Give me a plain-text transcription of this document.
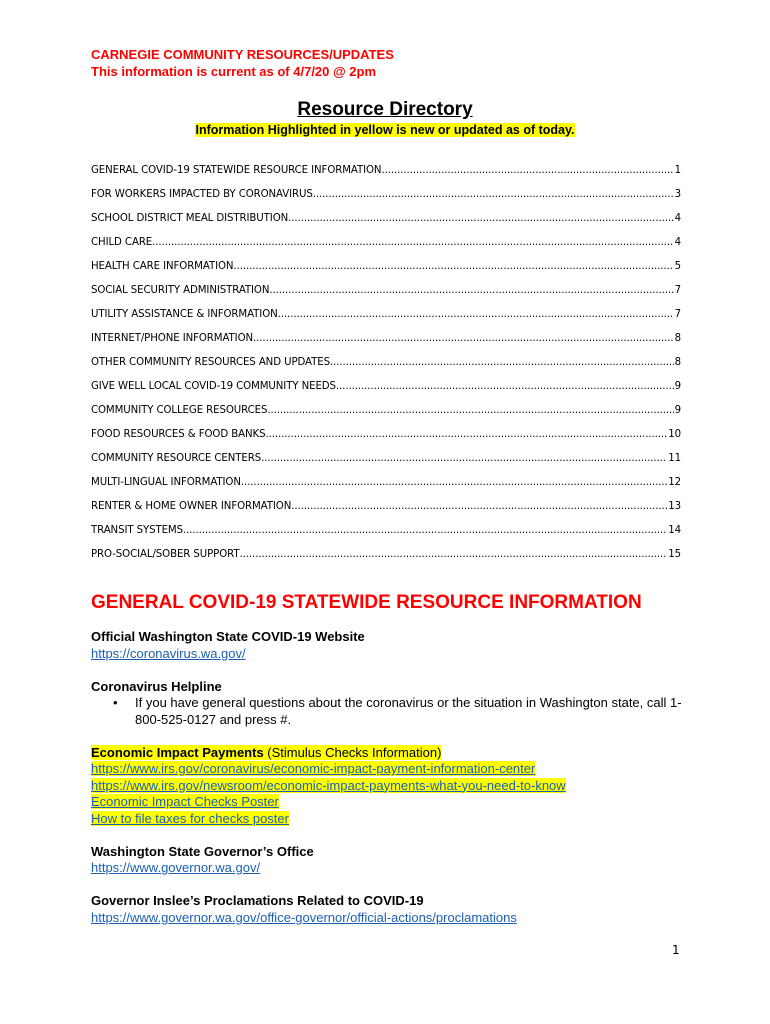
CARNEGIE COMMUNITY RESOURCES/UPDATES
This information is current as of 4/7/20 @ 2pm
Resource Directory
Information Highlighted in yellow is new or updated as of today.
GENERAL COVID-19 STATEWIDE RESOURCE INFORMATION .....	1
FOR WORKERS IMPACTED BY CORONAVIRUS .....	3
SCHOOL DISTRICT MEAL DISTRIBUTION .....	4
CHILD CARE .....	4
HEALTH CARE INFORMATION .....	5
SOCIAL SECURITY ADMINISTRATION .....	7
UTILITY ASSISTANCE & INFORMATION .....	7
INTERNET/PHONE INFORMATION .....	8
OTHER COMMUNITY RESOURCES AND UPDATES .....	8
GIVE WELL LOCAL COVID-19 COMMUNITY NEEDS .....	9
COMMUNITY COLLEGE RESOURCES .....	9
FOOD RESOURCES & FOOD BANKS .....	10
COMMUNITY RESOURCE CENTERS .....	11
MULTI-LINGUAL INFORMATION .....	12
RENTER & HOME OWNER INFORMATION .....	13
TRANSIT SYSTEMS .....	14
PRO-SOCIAL/SOBER SUPPORT .....	15
GENERAL COVID-19 STATEWIDE RESOURCE INFORMATION
Official Washington State COVID-19 Website
https://coronavirus.wa.gov/
Coronavirus Helpline
• If you have general questions about the coronavirus or the situation in Washington state, call 1-800-525-0127 and press #.
Economic Impact Payments (Stimulus Checks Information)
https://www.irs.gov/coronavirus/economic-impact-payment-information-center
https://www.irs.gov/newsroom/economic-impact-payments-what-you-need-to-know
Economic Impact Checks Poster
How to file taxes for checks poster
Washington State Governor’s Office
https://www.governor.wa.gov/
Governor Inslee’s Proclamations Related to COVID-19
https://www.governor.wa.gov/office-governor/official-actions/proclamations
1
